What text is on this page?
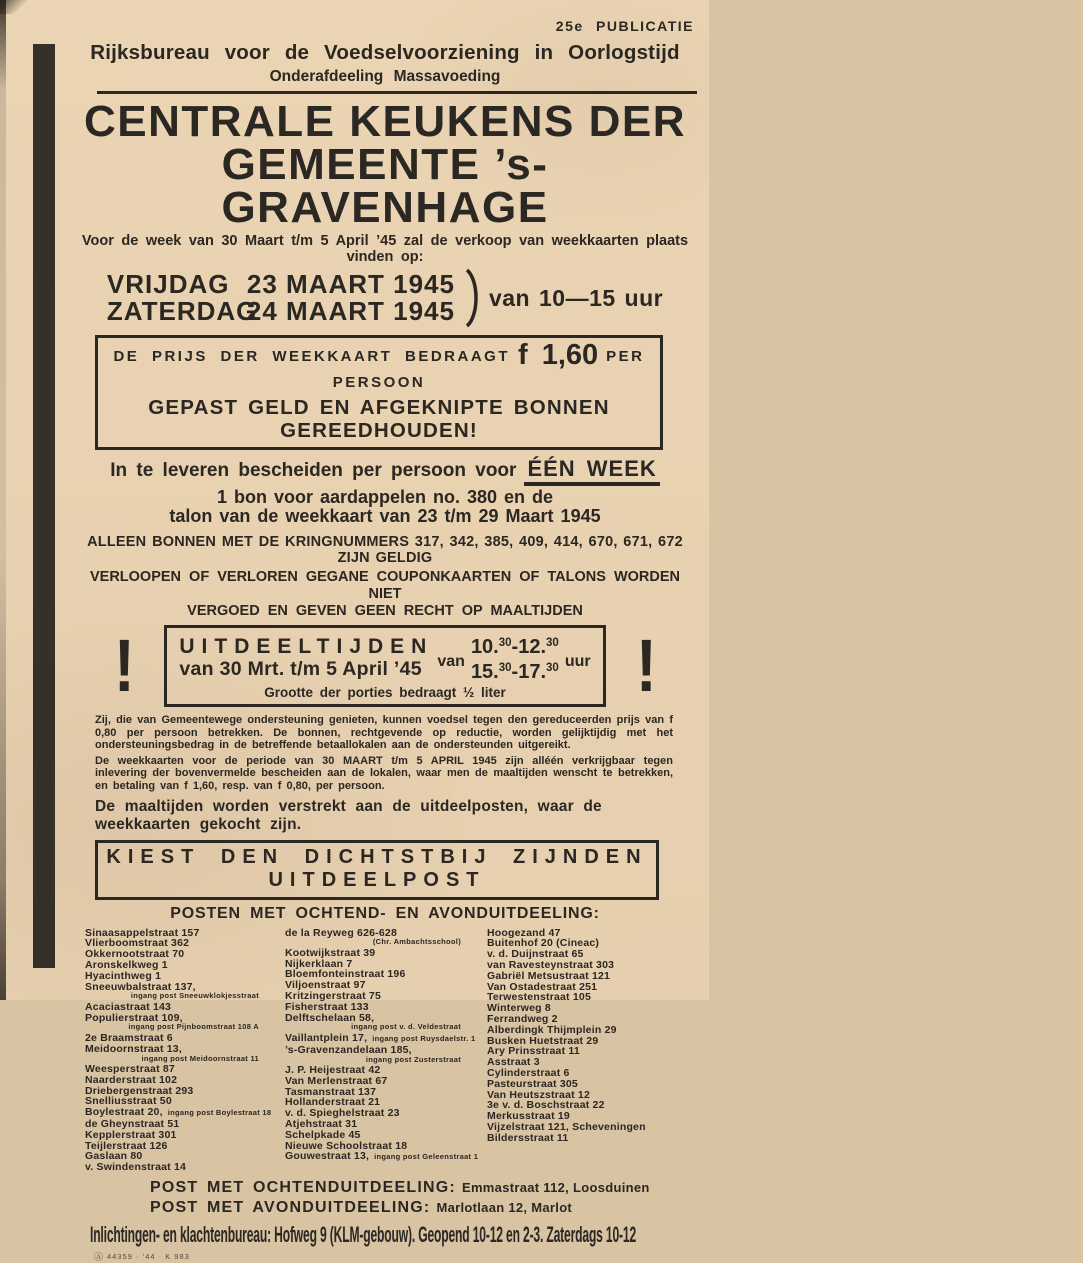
25e PUBLICATIE
Rijksbureau voor de Voedselvoorziening in Oorlogstijd
Onderafdeeling Massavoeding
CENTRALE KEUKENS DER
GEMEENTE ’s-GRAVENHAGE
Voor de week van 30 Maart t/m 5 April ’45 zal de verkoop van weekkaarten plaats vinden op:
VRIJDAG 23 MAART 1945
ZATERDAG
24 MAART 1945 van 10—15 uur
DE PRIJS DER WEEKKAART BEDRAAGT f 1,60 PER PERSOON
GEPAST GELD EN AFGEKNIPTE BONNEN GEREEDHOUDEN!
In te leveren bescheiden per persoon voor ÉÉN WEEK
1 bon voor aardappelen no. 380 en de
talon van de weekkaart van 23 t/m 29 Maart 1945
ALLEEN BONNEN MET DE KRINGNUMMERS 317, 342, 385, 409, 414, 670, 671, 672 ZIJN GELDIG
VERLOOPEN OF VERLOREN GEGANE COUPONKAARTEN OF TALONS WORDEN NIET
VERGOED EN GEVEN GEEN RECHT OP MAALTIJDEN
! UITDEELTIJDEN
van 30 Mrt. t/m 5 April ’45 van
10.30-12.30
15.30-17.30 uur
Grootte der porties bedraagt ½ liter	!
Zij, die van Gemeentewege ondersteuning genieten, kunnen voedsel tegen den gereduceerden prijs van f 0,80 per persoon betrekken. De bonnen, rechtgevende op reductie, worden gelijktijdig met het ondersteuningsbedrag in de betreffende betaallokalen aan de ondersteunden uitgereikt.
De weekkaarten voor de periode van 30 MAART t/m 5 APRIL 1945 zijn alléén verkrijgbaar tegen inlevering der bovenvermelde bescheiden aan de lokalen, waar men de maaltijden wenscht te betrekken, en betaling van f 1,60, resp. van f 0,80, per persoon.
De maaltijden worden verstrekt aan de uitdeelposten, waar de weekkaarten gekocht zijn.
KIEST DEN DICHTSTBIJ ZIJNDEN UITDEELPOST
POSTEN MET OCHTEND- EN AVONDUITDEELING:
Sinaasappelstraat 157
Vlierboomstraat 362
Okkernootstraat 70
Aronskelkweg 1
Hyacinthweg 1
Sneeuwbalstraat 137,
ingang post Sneeuwklokjesstraat
Acaciastraat 143
Populierstraat 109,
ingang post Pijnboomstraat 108 A
2e Braamstraat 6
Meidoornstraat 13,
ingang post Meidoornstraat 11
Weesperstraat 87
Naarderstraat 102
Driebergenstraat 293
Snelliusstraat 50
Boylestraat 20, ingang post Boylestraat 18
de Gheynstraat 51
Kepplerstraat 301
Teijlerstraat 126
Gaslaan 80
v. Swindenstraat 14
de la Reyweg 626-628
(Chr. Ambachtsschool)
Kootwijkstraat 39
Nijkerklaan 7
Bloemfonteinstraat 196
Viljoenstraat 97
Kritzingerstraat 75
Fisherstraat 133
Delftschelaan 58,
ingang post v. d. Veldestraat
Vaillantplein 17, ingang post Ruysdaelstr. 1
’s-Gravenzandelaan 185,
ingang post Zusterstraat
J. P. Heijestraat 42
Van Merlenstraat 67
Tasmanstraat 137
Hollanderstraat 21
v. d. Spieghelstraat 23
Atjehstraat 31
Schelpkade 45
Nieuwe Schoolstraat 18
Gouwestraat 13, ingang post Geleenstraat 1
Hoogezand 47
Buitenhof 20 (Cineac)
v. d. Duijnstraat 65
van Ravesteynstraat 303
Gabriël Metsustraat 121
Van Ostadestraat 251
Terwestenstraat 105
Winterweg 8
Ferrandweg 2
Alberdingk Thijmplein 29
Busken Huetstraat 29
Ary Prinsstraat 11
Asstraat 3
Cylinderstraat 6
Pasteurstraat 305
Van Heutszstraat 12
3e v. d. Boschstraat 22
Merkusstraat 19
Vijzelstraat 121, Scheveningen
Bildersstraat 11
POST MET OCHTENDUITDEELING: Emmastraat 112, Loosduinen
POST MET AVONDUITDEELING: Marlotlaan 12, Marlot
Inlichtingen- en klachtenbureau: Hofweg 9 (KLM-gebouw). Geopend 10-12 en 2-3. Zaterdags 10-12
Ⓐ 44359 · ’44 · K 983
